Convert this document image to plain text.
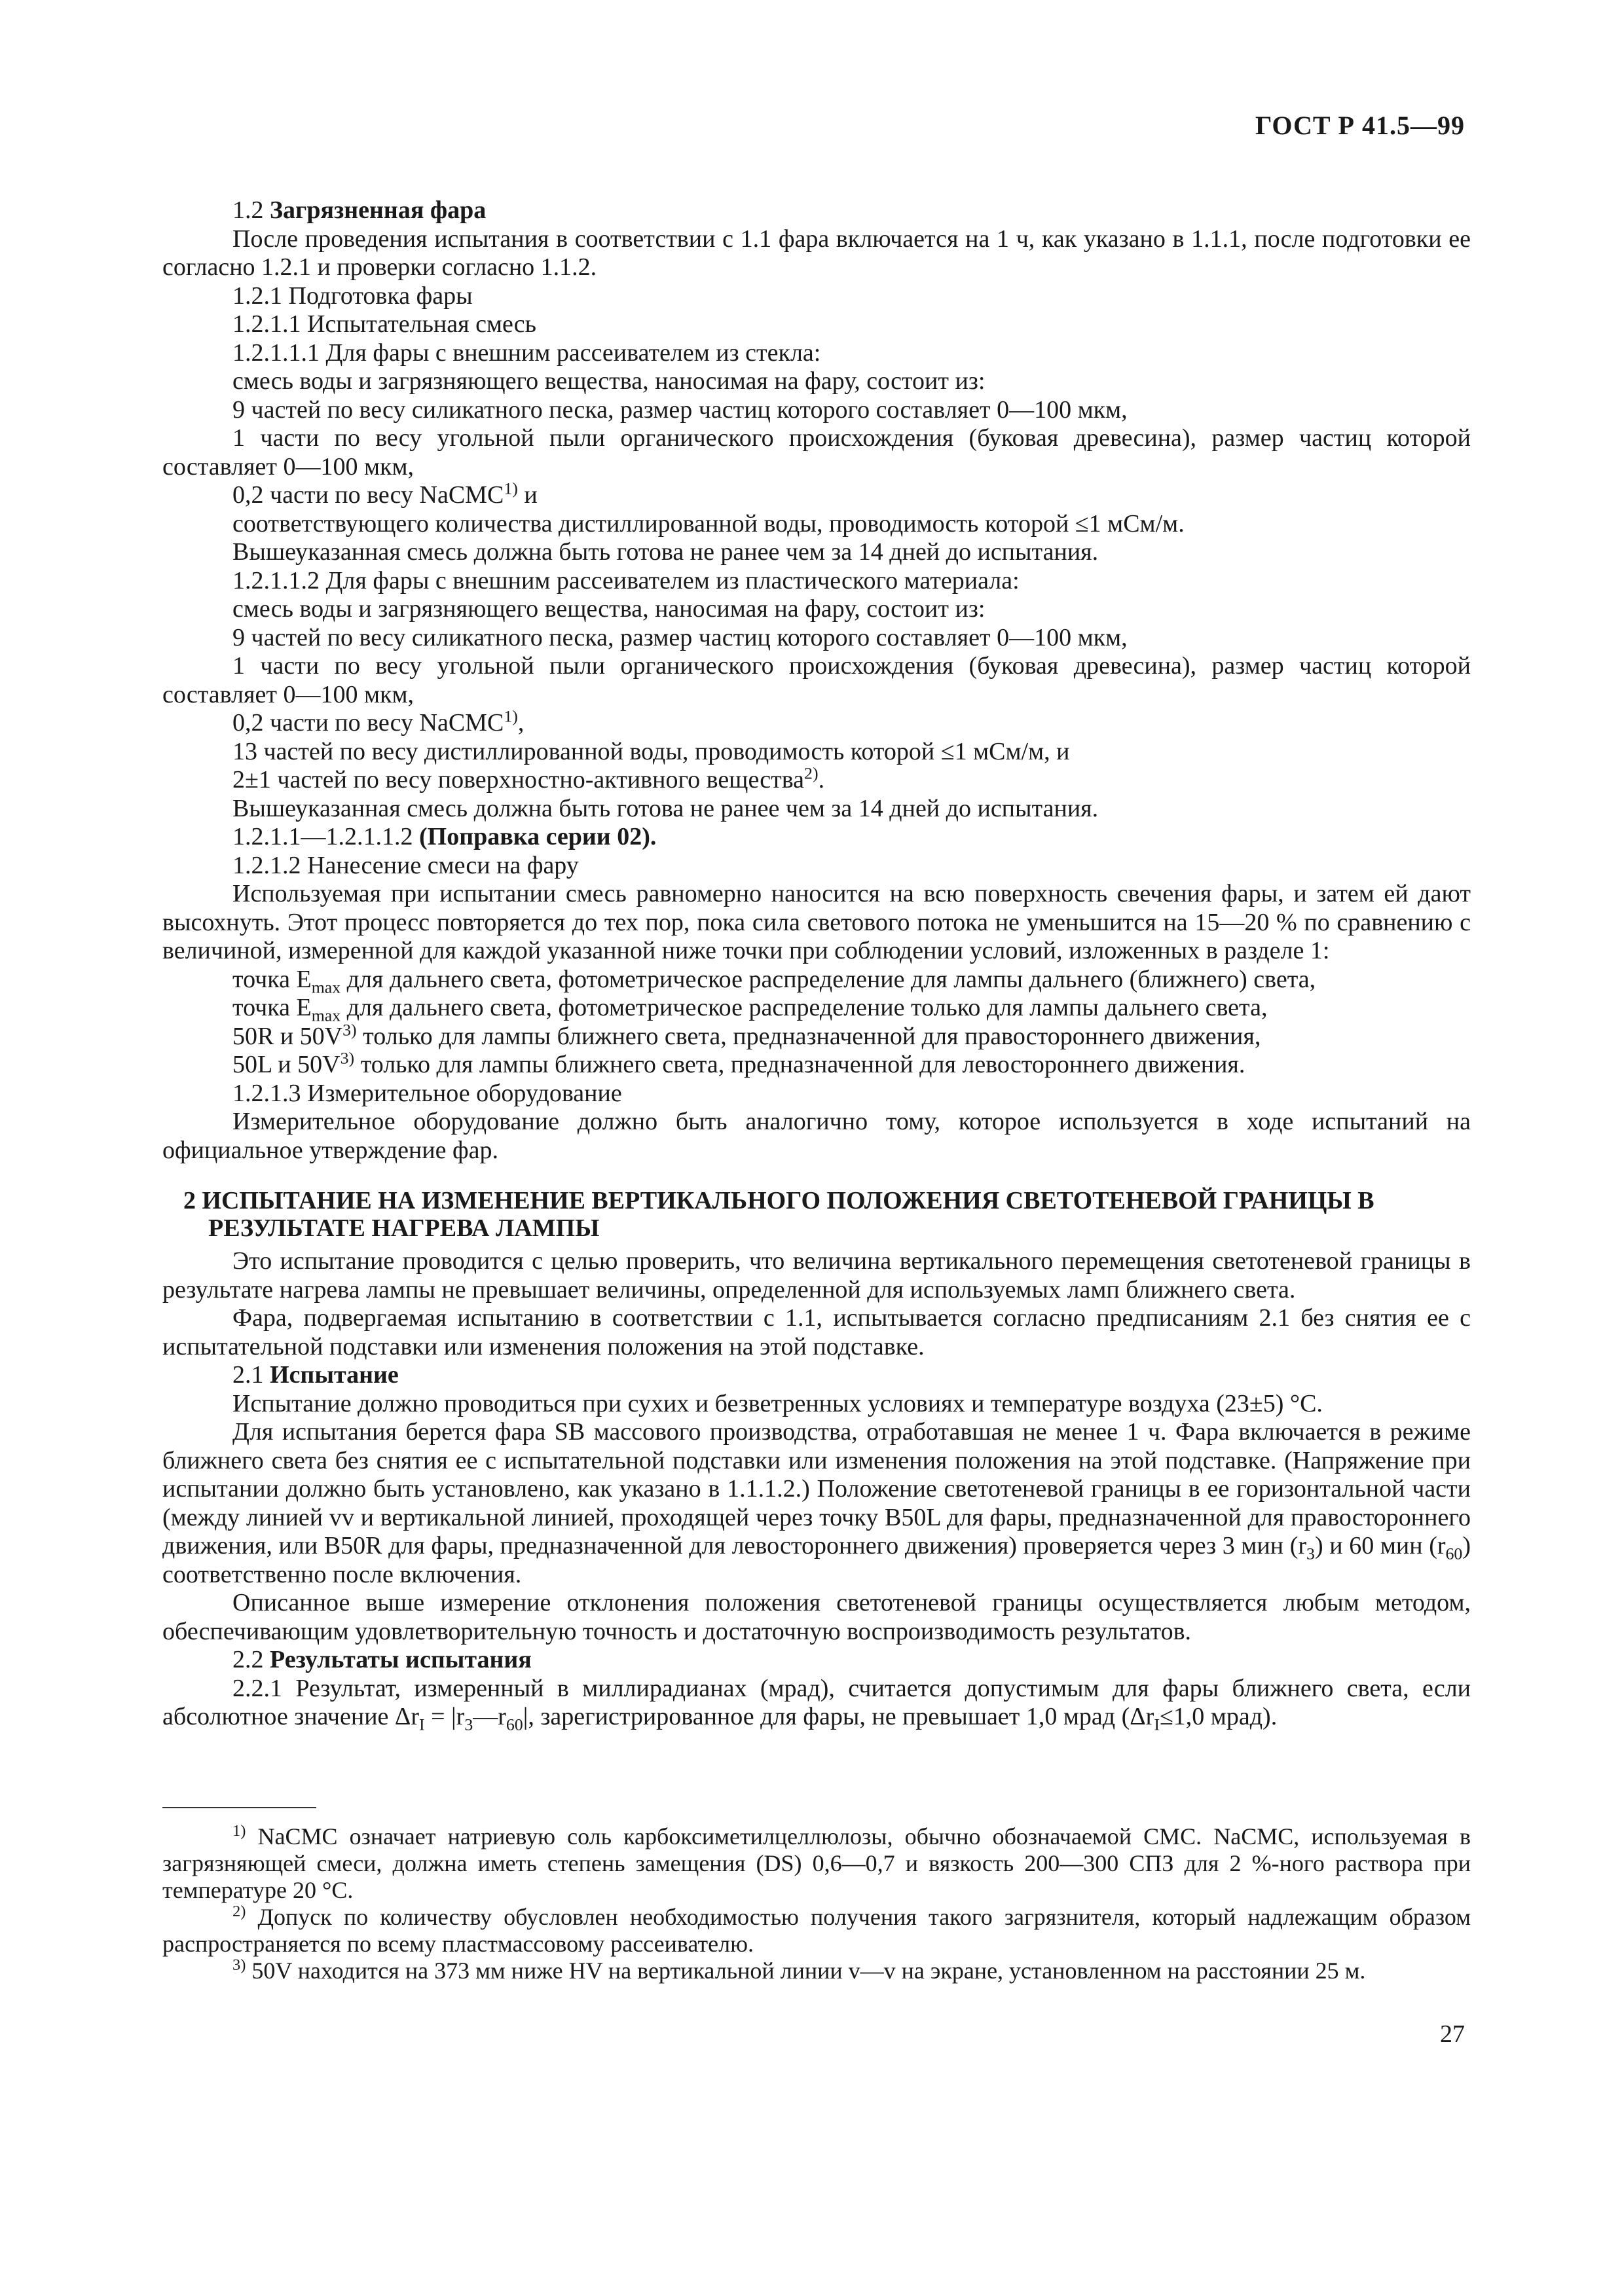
ГОСТ Р 41.5—99

1.2 Загрязненная фара

После проведения испытания в соответствии с 1.1 фара включается на 1 ч, как указано в 1.1.1, после подготовки ее согласно 1.2.1 и проверки согласно 1.1.2.

1.2.1 Подготовка фары

1.2.1.1 Испытательная смесь

1.2.1.1.1 Для фары с внешним рассеивателем из стекла:

смесь воды и загрязняющего вещества, наносимая на фару, состоит из:

9 частей по весу силикатного песка, размер частиц которого составляет 0—100 мкм,

1 части по весу угольной пыли органического происхождения (буковая древесина), размер частиц которой составляет 0—100 мкм,

0,2 части по весу NaCMC$^{1)}$ и

соответствующего количества дистиллированной воды, проводимость которой ≤1 мСм/м.

Вышеуказанная смесь должна быть готова не ранее чем за 14 дней до испытания.

1.2.1.1.2 Для фары с внешним рассеивателем из пластического материала:

смесь воды и загрязняющего вещества, наносимая на фару, состоит из:

9 частей по весу силикатного песка, размер частиц которого составляет 0—100 мкм,

1 части по весу угольной пыли органического происхождения (буковая древесина), размер частиц которой составляет 0—100 мкм,

0,2 части по весу NaCMC$^{1)}$,

13 частей по весу дистиллированной воды, проводимость которой ≤1 мСм/м, и

2±1 частей по весу поверхностно-активного вещества$^{2)}$.

Вышеуказанная смесь должна быть готова не ранее чем за 14 дней до испытания.

1.2.1.1—1.2.1.1.2 (Поправка серии 02).

1.2.1.2 Нанесение смеси на фару

Используемая при испытании смесь равномерно наносится на всю поверхность свечения фары, и затем ей дают высохнуть. Этот процесс повторяется до тех пор, пока сила светового потока не уменьшится на 15—20 % по сравнению с величиной, измеренной для каждой указанной ниже точки при соблюдении условий, изложенных в разделе 1:

точка $E_{max}$ для дальнего света, фотометрическое распределение для лампы дальнего (ближнего) света,

точка $E_{max}$ для дальнего света, фотометрическое распределение только для лампы дальнего света,

50R и $50V^{3)}$ только для лампы ближнего света, предназначенной для правостороннего движения,

50L и $50V^{3)}$ только для лампы ближнего света, предназначенной для левостороннего движения.

1.2.1.3 Измерительное оборудование

Измерительное оборудование должно быть аналогично тому, которое используется в ходе испытаний на официальное утверждение фар.

2 ИСПЫТАНИЕ НА ИЗМЕНЕНИЕ ВЕРТИКАЛЬНОГО ПОЛОЖЕНИЯ СВЕТОТЕНЕВОЙ ГРАНИЦЫ В РЕЗУЛЬТАТЕ НАГРЕВА ЛАМПЫ

Это испытание проводится с целью проверить, что величина вертикального перемещения светотеневой границы в результате нагрева лампы не превышает величины, определенной для используемых ламп ближнего света.

Фара, подвергаемая испытанию в соответствии с 1.1, испытывается согласно предписаниям 2.1 без снятия ее с испытательной подставки или изменения положения на этой подставке.

2.1 Испытание

Испытание должно проводиться при сухих и безветренных условиях и температуре воздуха (23±5) °С.

Для испытания берется фара SB массового производства, отработавшая не менее 1 ч. Фара включается в режиме ближнего света без снятия ее с испытательной подставки или изменения положения на этой подставке. (Напряжение при испытании должно быть установлено, как указано в 1.1.1.2.) Положение светотеневой границы в ее горизонтальной части (между линией vv и вертикальной линией, проходящей через точку B50L для фары, предназначенной для правостороннего движения, или B50R для фары, предназначенной для левостороннего движения) проверяется через 3 мин $(r_3)$ и 60 мин $(r_{60})$ соответственно после включения.

Описанное выше измерение отклонения положения светотеневой границы осуществляется любым методом, обеспечивающим удовлетворительную точность и достаточную воспроизводимость результатов.

2.2 Результаты испытания

2.2.1 Результат, измеренный в миллирадианах (мрад), считается допустимым для фары ближнего света, если абсолютное значение $\Delta r_I$ = $|r_3—r_{60}|$, зарегистрированное для фары, не превышает 1,0 мрад ($\Delta r_I\le 1,0$ мрад).

$^{1)}$ NaCMC означает натриевую соль карбоксиметилцеллюлозы, обычно обозначаемой CMC. NaCMC, используемая в загрязняющей смеси, должна иметь степень замещения (DS) 0,6—0,7 и вязкость 200—300 СПЗ для 2 %-ного раствора при температуре 20 °С.

$^{2)}$ Допуск по количеству обусловлен необходимостью получения такого загрязнителя, который надлежащим образом распространяется по всему пластмассовому рассеивателю.

$^{3)}$ 50V находится на 373 мм ниже HV на вертикальной линии v—v на экране, установленном на расстоянии 25 м.

27
